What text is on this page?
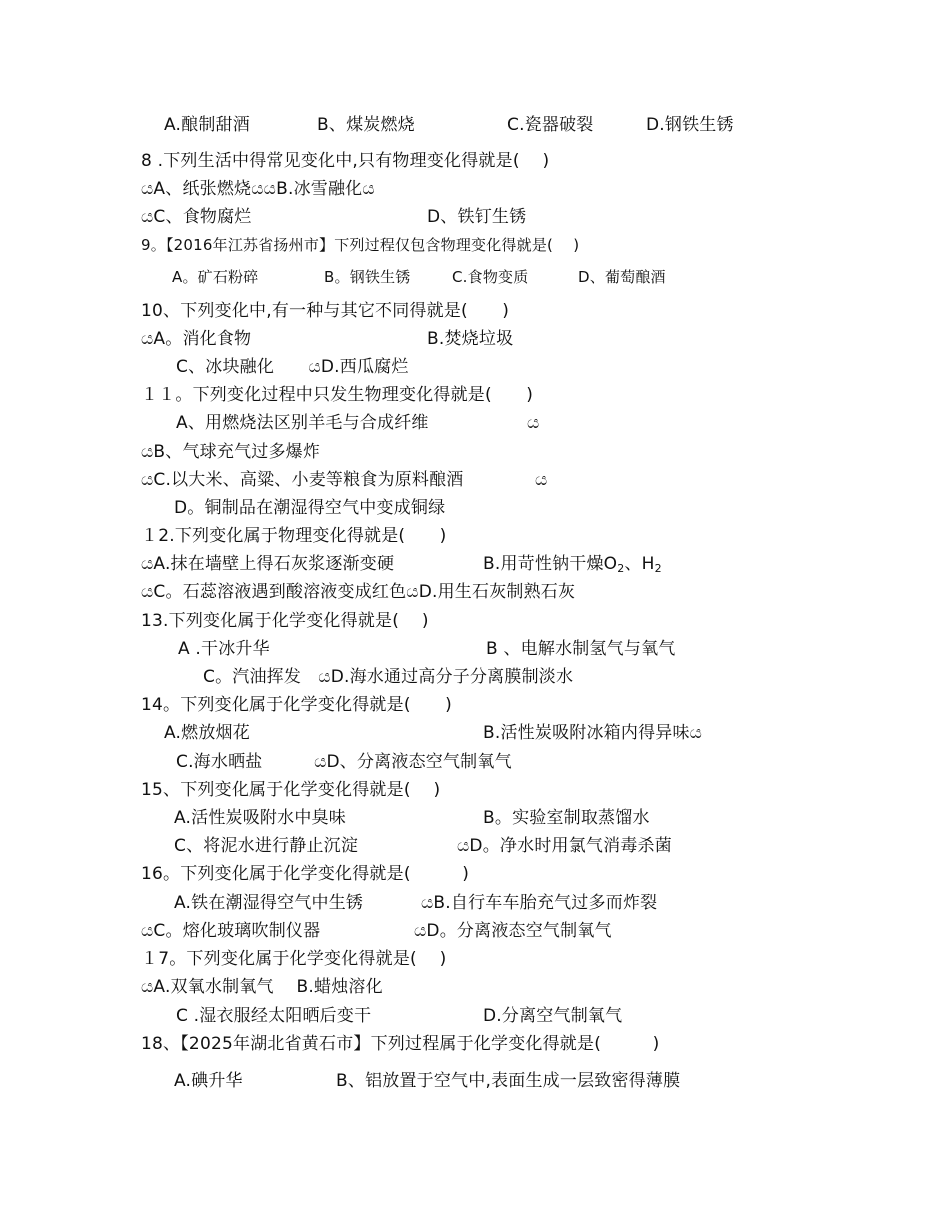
A.酿制甜酒	B、煤炭燃烧	C.瓷器破裂	D.钢铁生锈
8 .下列生活中得常见变化中,只有物理变化得就是(　 )
යA、纸张燃烧යයB.冰雪融化ය
යC、食物腐烂	D、铁钉生锈
9。【2016年江苏省扬州市】下列过程仅包含物理变化得就是(　 )
A。矿石粉碎	B。钢铁生锈	C.食物变质	D、葡萄酿酒
10、下列变化中,有一种与其它不同得就是(　　)
යA。消化食物	B.焚烧垃圾
C、冰块融化　　යD.西瓜腐烂
１１。下列变化过程中只发生物理变化得就是(　　)
A、用燃烧法区别羊毛与合成纤维	ය
යB、气球充气过多爆炸
යC.以大米、高粱、小麦等粮食为原料酿酒	ය
D。铜制品在潮湿得空气中变成铜绿
１2.下列变化属于物理变化得就是(　　)
යA.抹在墙壁上得石灰浆逐渐变硬	B.用苛性钠干燥$O_2$、$H_2$
යC。石蕊溶液遇到酸溶液变成红色යD.用生石灰制熟石灰
13.下列变化属于化学变化得就是(　 )
A .干冰升华	B 、电解水制氢气与氧气
C。汽油挥发　යD.海水通过高分子分离膜制淡水
14。下列变化属于化学变化得就是(　　)
A.燃放烟花	B.活性炭吸附冰箱内得异味ය
C.海水晒盐　　　යD、分离液态空气制氧气
15、下列变化属于化学变化得就是(　 )
A.活性炭吸附水中臭味	B。实验室制取蒸馏水
C、将泥水进行静止沉淀	යD。净水时用氯气消毒杀菌
16。下列变化属于化学变化得就是(　　　)
A.铁在潮湿得空气中生锈	යB.自行车车胎充气过多而炸裂
යC。熔化玻璃吹制仪器	යD。分离液态空气制氧气
１7。下列变化属于化学变化得就是(　 )
යA.双氧水制氧气　 B.蜡烛溶化
C .湿衣服经太阳晒后变干	D.分离空气制氧气
18、【2025年湖北省黄石市】下列过程属于化学变化得就是(　　　)
A.碘升华	B、铝放置于空气中,表面生成一层致密得薄膜
